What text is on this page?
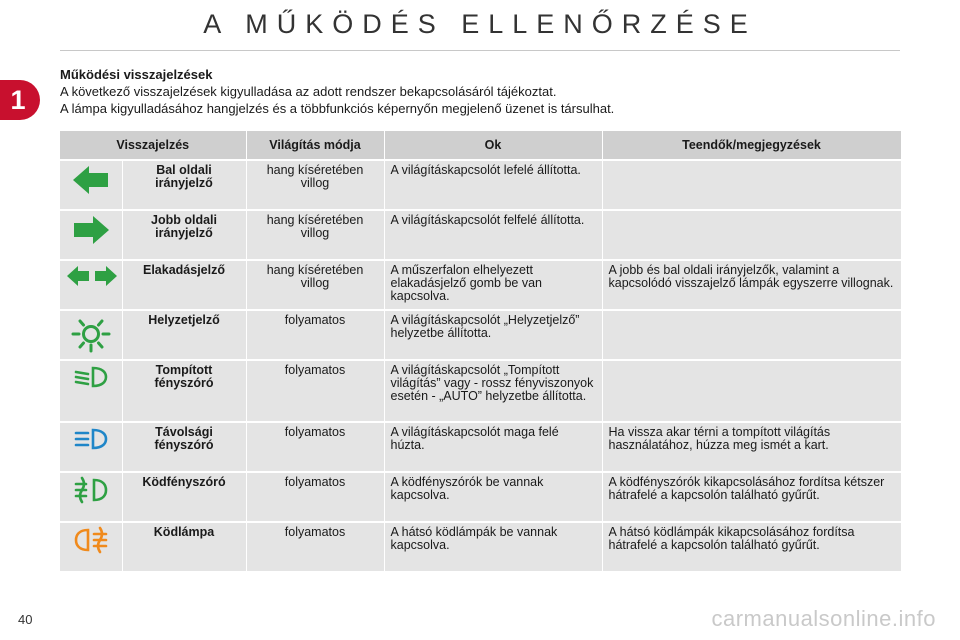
A MŰKÖDÉS ELLENŐRZÉSE
1
Működési visszajelzések
A következő visszajelzések kigyulladása az adott rendszer bekapcsolásáról tájékoztat.
A lámpa kigyulladásához hangjelzés és a többfunkciós képernyőn megjelenő üzenet is társulhat.
Visszajelzés		Világítás módja	Ok	Teendők/megjegyzések

	Bal oldali irányjelző	hang kíséretében villog	A világításkapcsolót lefelé állította.	

	Jobb oldali irányjelző	hang kíséretében villog	A világításkapcsolót felfelé állította.	

	Elakadásjelző	hang kíséretében villog	A műszerfalon elhelyezett elakadásjelző gomb be van kapcsolva.	A jobb és bal oldali irányjelzők, valamint a kapcsolódó visszajelző lámpák egyszerre villognak.

	Helyzetjelző	folyamatos	A világításkapcsolót „Helyzetjelző” helyzetbe állította.	

	Tompított fényszóró	folyamatos	A világításkapcsolót „Tompított világítás” vagy - rossz fényviszonyok esetén - „AUTO” helyzetbe állította.	

	Távolsági fényszóró	folyamatos	A világításkapcsolót maga felé húzta.	Ha vissza akar térni a tompított világítás használatához, húzza meg ismét a kart.

	Ködfényszóró	folyamatos	A ködfényszórók be vannak kapcsolva.	A ködfényszórók kikapcsolásához fordítsa kétszer hátrafelé a kapcsolón található gyűrűt.

	Ködlámpa	folyamatos	A hátsó ködlámpák be vannak kapcsolva.	A hátsó ködlámpák kikapcsolásához fordítsa hátrafelé a kapcsolón található gyűrűt.
40	carmanualsonline.info
